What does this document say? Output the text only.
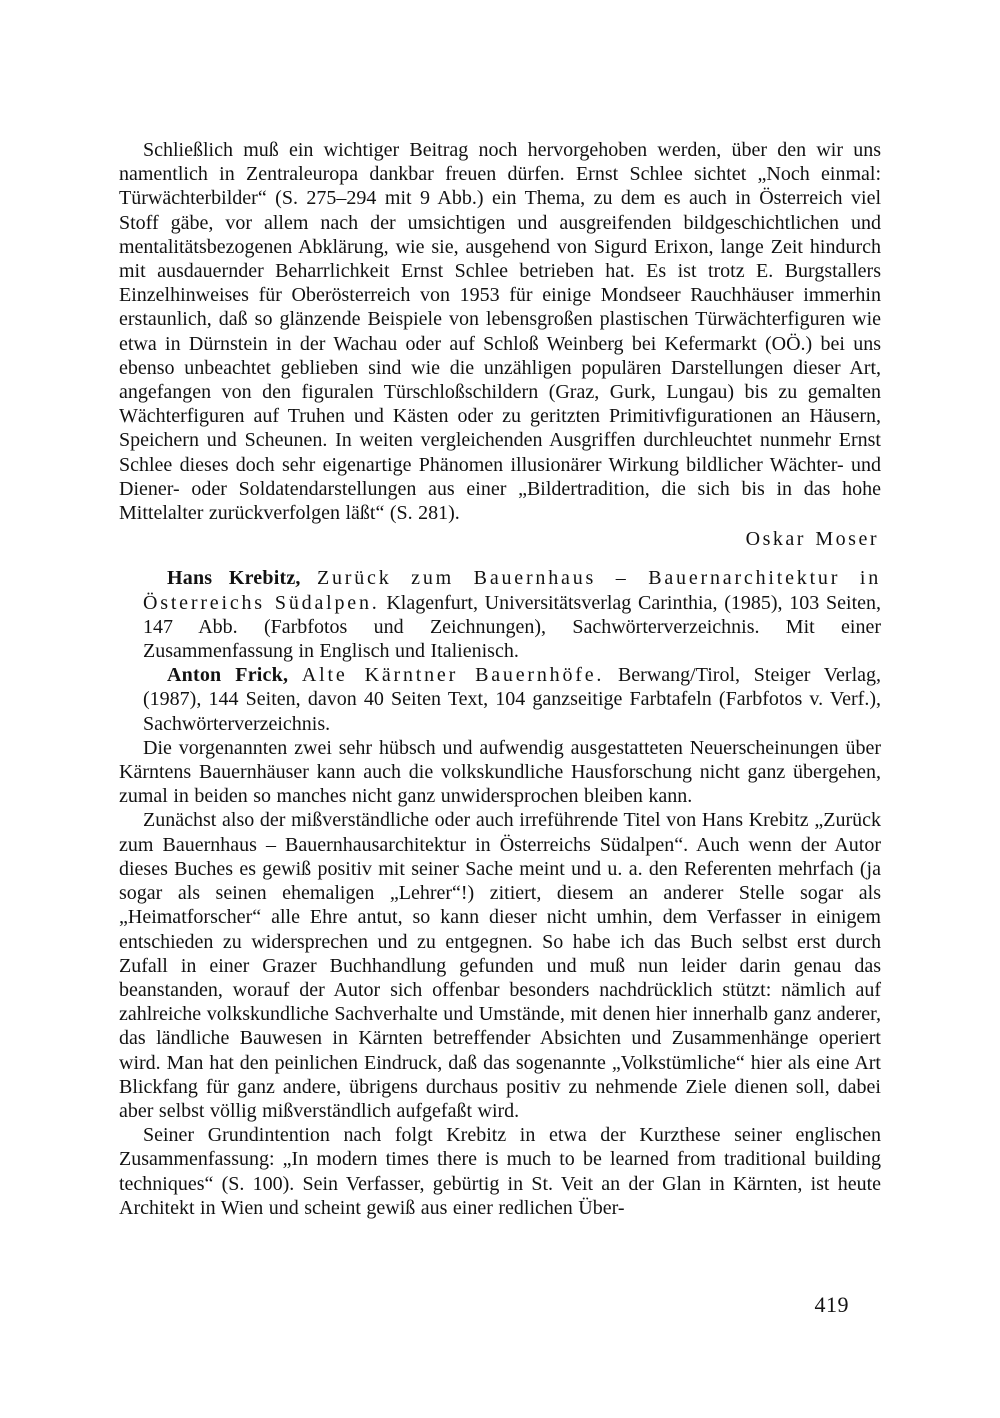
Schließlich muß ein wichtiger Beitrag noch hervorgehoben werden, über den wir uns namentlich in Zentraleuropa dankbar freuen dürfen. Ernst Schlee sichtet „Noch einmal: Türwächterbilder“ (S. 275–294 mit 9 Abb.) ein Thema, zu dem es auch in Österreich viel Stoff gäbe, vor allem nach der umsichtigen und ausgreifenden bildgeschichtlichen und mentalitätsbezogenen Abklärung, wie sie, ausgehend von Sigurd Erixon, lange Zeit hindurch mit ausdauernder Beharrlichkeit Ernst Schlee betrieben hat. Es ist trotz E. Burgstallers Einzelhinweises für Oberösterreich von 1953 für einige Mondseer Rauchhäuser immerhin erstaunlich, daß so glänzende Beispiele von lebensgroßen plastischen Türwächterfiguren wie etwa in Dürnstein in der Wachau oder auf Schloß Weinberg bei Kefermarkt (OÖ.) bei uns ebenso unbeachtet geblieben sind wie die unzähligen populären Darstellungen dieser Art, angefangen von den figuralen Türschloßschildern (Graz, Gurk, Lungau) bis zu gemalten Wächterfiguren auf Truhen und Kästen oder zu geritzten Primitivfigurationen an Häusern, Speichern und Scheunen. In weiten vergleichenden Ausgriffen durchleuchtet nunmehr Ernst Schlee dieses doch sehr eigenartige Phänomen illusionärer Wirkung bildlicher Wächter- und Diener- oder Soldatendarstellungen aus einer „Bildertradition, die sich bis in das hohe Mittelalter zurückverfolgen läßt“ (S. 281).

Oskar Moser

Hans Krebitz, Zurück zum Bauernhaus – Bauernarchitektur in Österreichs Südalpen. Klagenfurt, Universitätsverlag Carinthia, (1985), 103 Seiten, 147 Abb. (Farbfotos und Zeichnungen), Sachwörterverzeichnis. Mit einer Zusammenfassung in Englisch und Italienisch.

Anton Frick, Alte Kärntner Bauernhöfe. Berwang/Tirol, Steiger Verlag, (1987), 144 Seiten, davon 40 Seiten Text, 104 ganzseitige Farbtafeln (Farbfotos v. Verf.), Sachwörterverzeichnis.

Die vorgenannten zwei sehr hübsch und aufwendig ausgestatteten Neuerscheinungen über Kärntens Bauernhäuser kann auch die volkskundliche Hausforschung nicht ganz übergehen, zumal in beiden so manches nicht ganz unwidersprochen bleiben kann.

Zunächst also der mißverständliche oder auch irreführende Titel von Hans Krebitz „Zurück zum Bauernhaus – Bauernhausarchitektur in Österreichs Südalpen“. Auch wenn der Autor dieses Buches es gewiß positiv mit seiner Sache meint und u. a. den Referenten mehrfach (ja sogar als seinen ehemaligen „Lehrer“!) zitiert, diesem an anderer Stelle sogar als „Heimatforscher“ alle Ehre antut, so kann dieser nicht umhin, dem Verfasser in einigem entschieden zu widersprechen und zu entgegnen. So habe ich das Buch selbst erst durch Zufall in einer Grazer Buchhandlung gefunden und muß nun leider darin genau das beanstanden, worauf der Autor sich offenbar besonders nachdrücklich stützt: nämlich auf zahlreiche volkskundliche Sachverhalte und Umstände, mit denen hier innerhalb ganz anderer, das ländliche Bauwesen in Kärnten betreffender Absichten und Zusammenhänge operiert wird. Man hat den peinlichen Eindruck, daß das sogenannte „Volkstümliche“ hier als eine Art Blickfang für ganz andere, übrigens durchaus positiv zu nehmende Ziele dienen soll, dabei aber selbst völlig mißverständlich aufgefaßt wird.

Seiner Grundintention nach folgt Krebitz in etwa der Kurzthese seiner englischen Zusammenfassung: „In modern times there is much to be learned from traditional building techniques“ (S. 100). Sein Verfasser, gebürtig in St. Veit an der Glan in Kärnten, ist heute Architekt in Wien und scheint gewiß aus einer redlichen Über-

419
